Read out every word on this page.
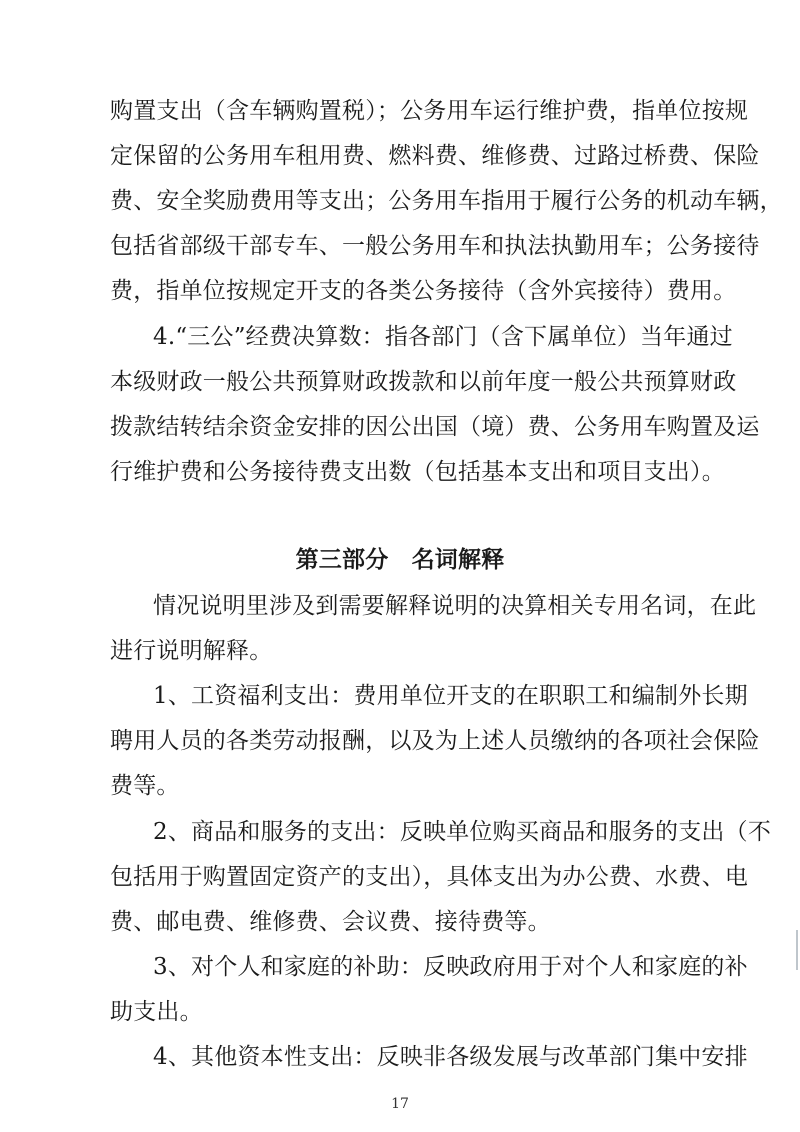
购置支出（含车辆购置税）；公务用车运行维护费，指单位按规
定保留的公务用车租用费、燃料费、维修费、过路过桥费、保险
费、安全奖励费用等支出；公务用车指用于履行公务的机动车辆，
包括省部级干部专车、一般公务用车和执法执勤用车；公务接待
费，指单位按规定开支的各类公务接待（含外宾接待）费用。
4.“三公”经费决算数：指各部门（含下属单位）当年通过
本级财政一般公共预算财政拨款和以前年度一般公共预算财政
拨款结转结余资金安排的因公出国（境）费、公务用车购置及运
行维护费和公务接待费支出数（包括基本支出和项目支出）。
第三部分　名词解释
情况说明里涉及到需要解释说明的决算相关专用名词，在此
进行说明解释。
1、工资福利支出：费用单位开支的在职职工和编制外长期
聘用人员的各类劳动报酬，以及为上述人员缴纳的各项社会保险
费等。
2、商品和服务的支出：反映单位购买商品和服务的支出（不
包括用于购置固定资产的支出），具体支出为办公费、水费、电
费、邮电费、维修费、会议费、接待费等。
3、对个人和家庭的补助：反映政府用于对个人和家庭的补
助支出。
4、其他资本性支出：反映非各级发展与改革部门集中安排
17
